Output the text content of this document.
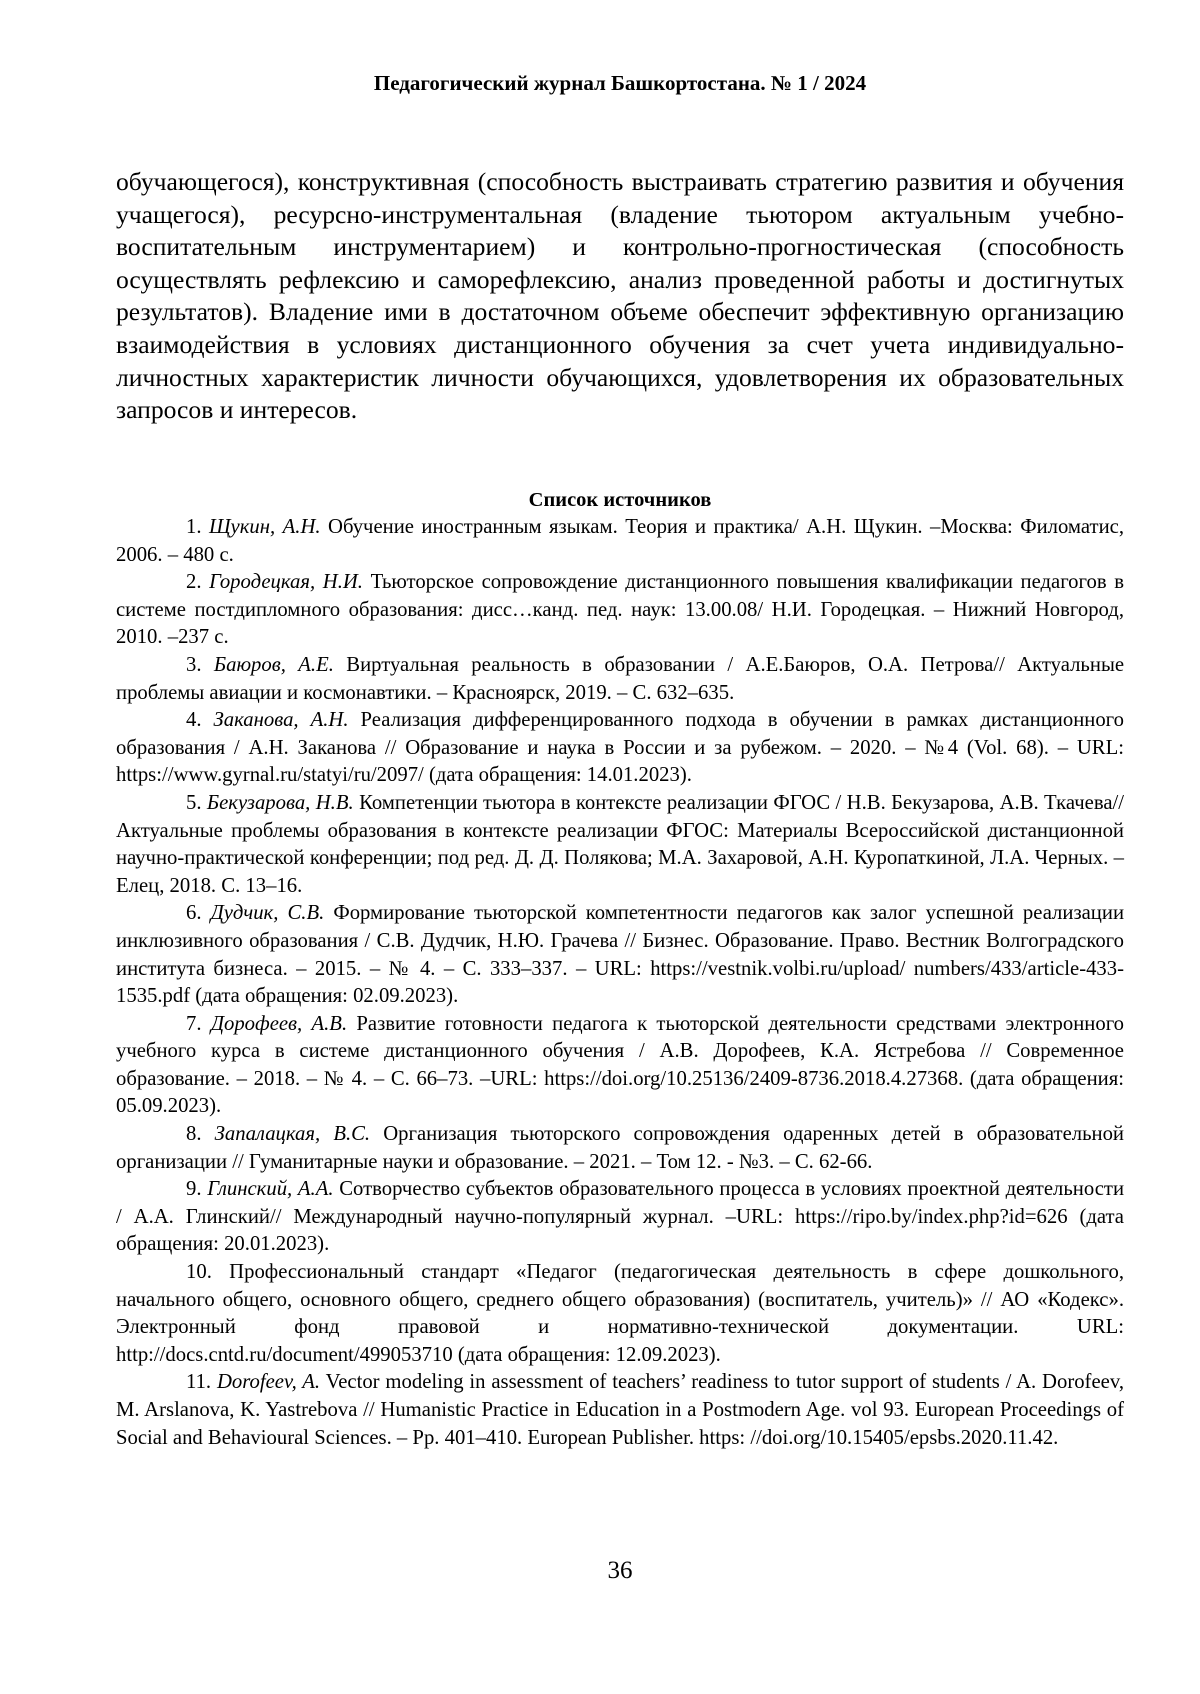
Педагогический журнал Башкортостана. № 1 / 2024

обучающегося), конструктивная (способность выстраивать стратегию развития и обучения учащегося), ресурсно-инструментальная (владение тьютором актуальным учебно-воспитательным инструментарием) и контрольно-прогностическая (способность осуществлять рефлексию и саморефлексию, анализ проведенной работы и достигнутых результатов). Владение ими в достаточном объеме обеспечит эффективную организацию взаимодействия в условиях дистанционного обучения за счет учета индивидуально-личностных характеристик личности обучающихся, удовлетворения их образовательных запросов и интересов.

Список источников

1. Щукин, А.Н. Обучение иностранным языкам. Теория и практика/ А.Н. Щукин. –Москва: Филоматис, 2006. – 480 с.

2. Городецкая, Н.И. Тьюторское сопровождение дистанционного повышения квалификации педагогов в системе постдипломного образования: дисс…канд. пед. наук: 13.00.08/ Н.И. Городецкая. – Нижний Новгород, 2010. –237 с.

3. Баюров, А.Е. Виртуальная реальность в образовании / А.Е.Баюров, О.А. Петрова// Актуальные проблемы авиации и космонавтики. – Красноярск, 2019. – С. 632–635.

4. Заканова, А.Н. Реализация дифференцированного подхода в обучении в рамках дистанционного образования / А.Н. Заканова // Образование и наука в России и за рубежом. – 2020. – №4 (Vol. 68). – URL: https://www.gyrnal.ru/statyi/ru/2097/ (дата обращения: 14.01.2023).

5. Бекузарова, Н.В. Компетенции тьютора в контексте реализации ФГОС / Н.В. Бекузарова, А.В. Ткачева// Актуальные проблемы образования в контексте реализации ФГОС: Материалы Всероссийской дистанционной научно-практической конференции; под ред. Д. Д. Полякова; М.А. Захаровой, А.Н. Куропаткиной, Л.А. Черных. – Елец, 2018. С. 13–16.

6. Дудчик, С.В. Формирование тьюторской компетентности педагогов как залог успешной реализации инклюзивного образования / С.В. Дудчик, Н.Ю. Грачева // Бизнес. Образование. Право. Вестник Волгоградского института бизнеса. – 2015. – № 4. – С. 333–337. – URL: https://vestnik.volbi.ru/upload/ numbers/433/article-433-1535.pdf (дата обращения: 02.09.2023).

7. Дорофеев, А.В. Развитие готовности педагога к тьюторской деятельности средствами электронного учебного курса в системе дистанционного обучения / А.В. Дорофеев, К.А. Ястребова // Современное образование. – 2018. – № 4. – С. 66–73. –URL: https://doi.org/10.25136/2409-8736.2018.4.27368. (дата обращения: 05.09.2023).

8. Запалацкая, В.С. Организация тьюторского сопровождения одаренных детей в образовательной организации // Гуманитарные науки и образование. – 2021. – Том 12. - №3. – С. 62-66.

9. Глинский, А.А. Сотворчество субъектов образовательного процесса в условиях проектной деятельности / А.А. Глинский// Международный научно-популярный журнал. –URL: https://ripo.by/index.php?id=626 (дата обращения: 20.01.2023).

10. Профессиональный стандарт «Педагог (педагогическая деятельность в сфере дошкольного, начального общего, основного общего, среднего общего образования) (воспитатель, учитель)» // АО «Кодекс». Электронный фонд правовой и нормативно-технической документации. URL: http://docs.cntd.ru/document/499053710 (дата обращения: 12.09.2023).

11. Dorofeev, A. Vector modeling in assessment of teachers’ readiness to tutor support of students / A. Dorofeev, M. Arslanova, K. Yastrebova // Humanistic Practice in Education in a Postmodern Age. vol 93. European Proceedings of Social and Behavioural Sciences. – Pp. 401–410. European Publisher. https: //doi.org/10.15405/epsbs.2020.11.42.

36
